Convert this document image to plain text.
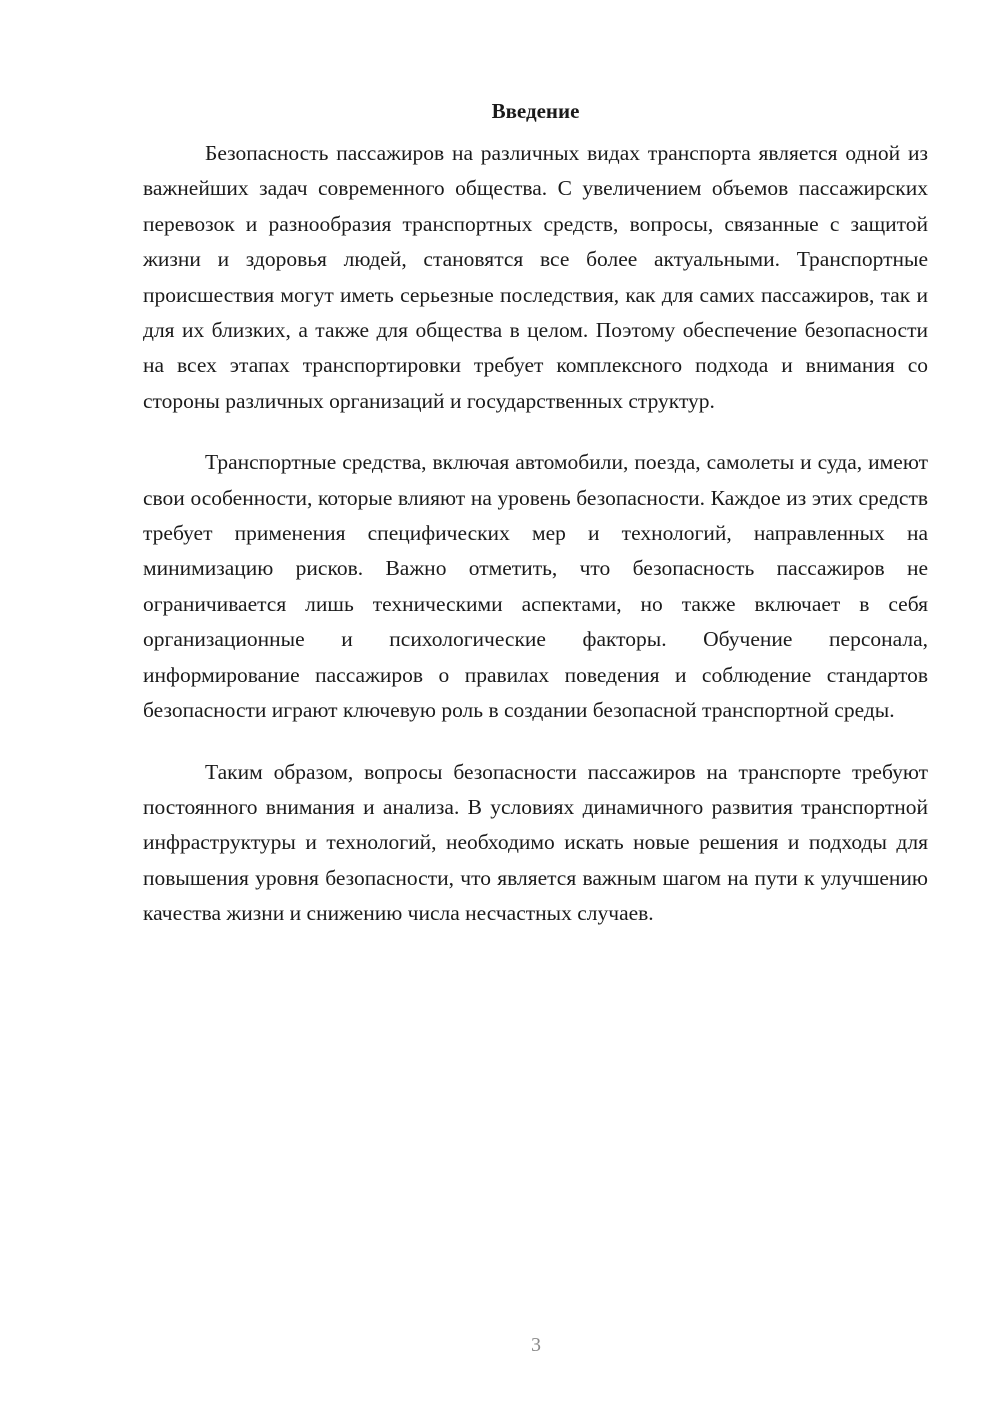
Введение

Безопасность пассажиров на различных видах транспорта является одной из важнейших задач современного общества. С увеличением объемов пассажирских перевозок и разнообразия транспортных средств, вопросы, связанные с защитой жизни и здоровья людей, становятся все более актуальными. Транспортные происшествия могут иметь серьезные последствия, как для самих пассажиров, так и для их близких, а также для общества в целом. Поэтому обеспечение безопасности на всех этапах транспортировки требует комплексного подхода и внимания со стороны различных организаций и государственных структур.

Транспортные средства, включая автомобили, поезда, самолеты и суда, имеют свои особенности, которые влияют на уровень безопасности. Каждое из этих средств требует применения специфических мер и технологий, направленных на минимизацию рисков. Важно отметить, что безопасность пассажиров не ограничивается лишь техническими аспектами, но также включает в себя организационные и психологические факторы. Обучение персонала, информирование пассажиров о правилах поведения и соблюдение стандартов безопасности играют ключевую роль в создании безопасной транспортной среды.

Таким образом, вопросы безопасности пассажиров на транспорте требуют постоянного внимания и анализа. В условиях динамичного развития транспортной инфраструктуры и технологий, необходимо искать новые решения и подходы для повышения уровня безопасности, что является важным шагом на пути к улучшению качества жизни и снижению числа несчастных случаев.

3
